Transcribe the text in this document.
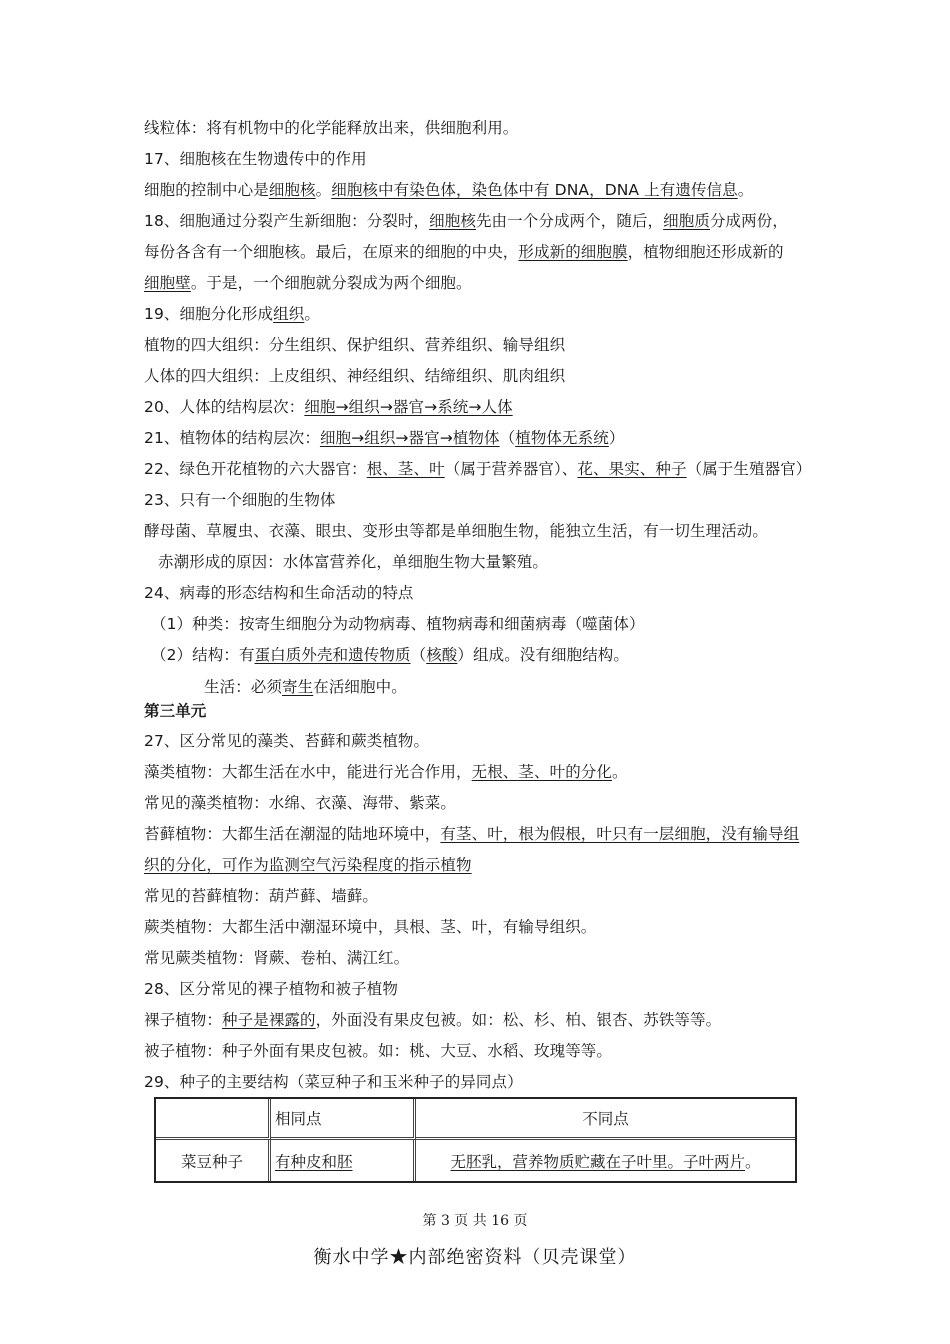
线粒体：将有机物中的化学能释放出来，供细胞利用。
17、细胞核在生物遗传中的作用
细胞的控制中心是细胞核。细胞核中有染色体，染色体中有 DNA，DNA 上有遗传信息。
18、细胞通过分裂产生新细胞：分裂时，细胞核先由一个分成两个，随后，细胞质分成两份，
每份各含有一个细胞核。最后，在原来的细胞的中央，形成新的细胞膜，植物细胞还形成新的
细胞壁。于是，一个细胞就分裂成为两个细胞。
19、细胞分化形成组织。
植物的四大组织：分生组织、保护组织、营养组织、输导组织
人体的四大组织：上皮组织、神经组织、结缔组织、肌肉组织
20、人体的结构层次：细胞→组织→器官→系统→人体
21、植物体的结构层次：细胞→组织→器官→植物体（植物体无系统）
22、绿色开花植物的六大器官：根、茎、叶（属于营养器官）、花、果实、种子（属于生殖器官）
23、只有一个细胞的生物体
酵母菌、草履虫、衣藻、眼虫、变形虫等都是单细胞生物，能独立生活，有一切生理活动。
赤潮形成的原因：水体富营养化，单细胞生物大量繁殖。
24、病毒的形态结构和生命活动的特点
（1）种类：按寄生细胞分为动物病毒、植物病毒和细菌病毒（噬菌体）
（2）结构：有蛋白质外壳和遗传物质（核酸）组成。没有细胞结构。
生活：必须寄生在活细胞中。
第三单元
27、区分常见的藻类、苔藓和蕨类植物。
藻类植物：大都生活在水中，能进行光合作用，无根、茎、叶的分化。
常见的藻类植物：水绵、衣藻、海带、紫菜。
苔藓植物：大都生活在潮湿的陆地环境中，有茎、叶，根为假根，叶只有一层细胞，没有输导组
织的分化，可作为监测空气污染程度的指示植物
常见的苔藓植物：葫芦藓、墙藓。
蕨类植物：大都生活中潮湿环境中，具根、茎、叶，有输导组织。
常见蕨类植物：肾蕨、卷柏、满江红。
28、区分常见的裸子植物和被子植物
裸子植物：种子是裸露的，外面没有果皮包被。如：松、杉、柏、银杏、苏铁等等。
被子植物：种子外面有果皮包被。如：桃、大豆、水稻、玫瑰等等。
29、种子的主要结构（菜豆种子和玉米种子的异同点）
	相同点	不同点
菜豆种子	有种皮和胚	无胚乳，营养物质贮藏在子叶里。子叶两片。
第 3 页 共 16 页
衡水中学★内部绝密资料（贝壳课堂）
